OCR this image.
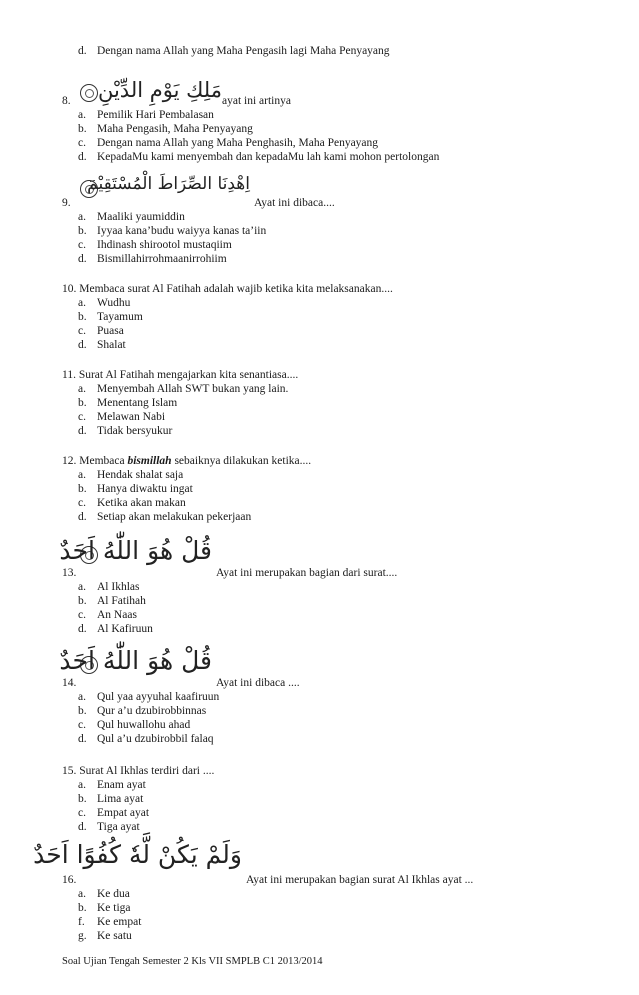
d. Dengan nama Allah yang Maha Pengasih lagi Maha Penyayang
8. مَلِكِ يَوْمِ الدِّيْنِ ayat ini artinya
a. Pemilik Hari Pembalasan
b. Maha Pengasih, Maha Penyayang
c. Dengan nama Allah yang Maha Penghasih, Maha Penyayang
d. KepadaMu kami menyembah dan kepadaMu lah kami mohon pertolongan
9.
اِهْدِنَا الصِّرَاطَ الْمُسْتَقِيْمَ
Ayat ini dibaca....
a. Maaliki yaumiddin
b. Iyyaa kana’budu waiyya kanas ta’iin
c. Ihdinash shirootol mustaqiim
d. Bismillahirrohmaanirrohiim
10. Membaca surat Al Fatihah adalah wajib ketika kita melaksanakan....
a. Wudhu
b. Tayamum
c. Puasa
d. Shalat
11. Surat Al Fatihah mengajarkan kita senantiasa....
a. Menyembah Allah SWT bukan yang lain.
b. Menentang Islam
c. Melawan Nabi
d. Tidak bersyukur
12. Membaca bismillah sebaiknya dilakukan ketika....
a. Hendak shalat saja
b. Hanya diwaktu ingat
c. Ketika akan makan
d. Setiap akan melakukan pekerjaan
13.
قُلْ هُوَ اللّٰهُ اَحَدٌ
Ayat ini merupakan bagian dari surat....
a. Al Ikhlas
b. Al Fatihah
c. An Naas
d. Al Kafiruun
14.
قُلْ هُوَ اللّٰهُ اَحَدٌ
Ayat ini dibaca ....
a. Qul yaa ayyuhal kaafiruun
b. Qur a’u dzubirobbinnas
c. Qul huwallohu ahad
d. Qul a’u dzubirobbil falaq
15. Surat Al Ikhlas terdiri dari ....
a. Enam ayat
b. Lima ayat
c. Empat ayat
d. Tiga ayat
16.
وَلَمْ يَكُنْ لَّهٗ كُفُوًا اَحَدٌ
Ayat ini merupakan bagian surat Al Ikhlas ayat ...
a. Ke dua
b. Ke tiga
f. Ke empat
g. Ke satu
Soal Ujian Tengah Semester 2 Kls VII SMPLB C1 2013/2014
